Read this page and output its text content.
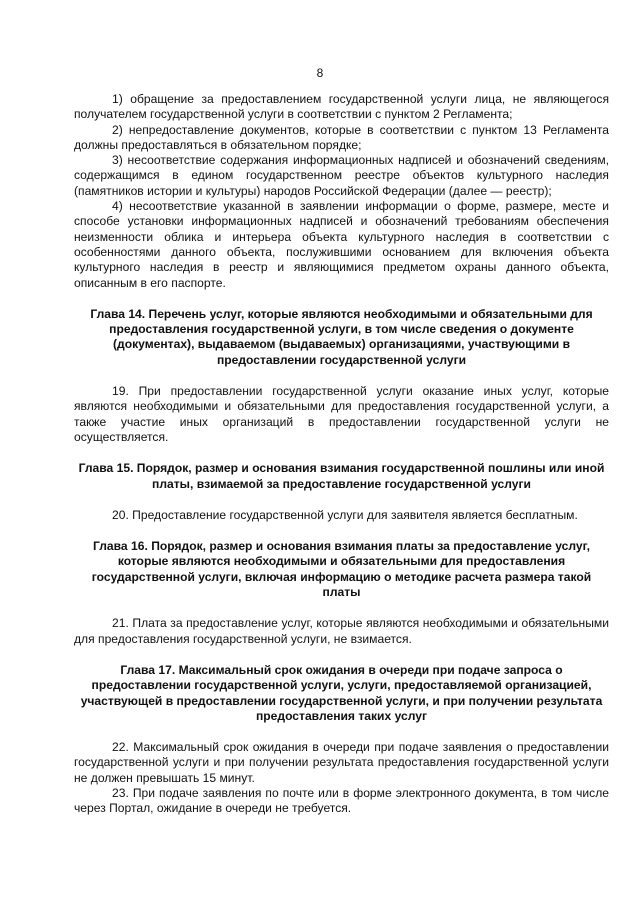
8

1) обращение за предоставлением государственной услуги лица, не являющегося получателем государственной услуги в соответствии с пунктом 2 Регламента;

2) непредоставление документов, которые в соответствии с пунктом 13 Регламента должны предоставляться в обязательном порядке;

3) несоответствие содержания информационных надписей и обозначений сведениям, содержащимся в едином государственном реестре объектов культурного наследия (памятников истории и культуры) народов Российской Федерации (далее — реестр);

4) несоответствие указанной в заявлении информации о форме, размере, месте и способе установки информационных надписей и обозначений требованиям обеспечения неизменности облика и интерьера объекта культурного наследия в соответствии с особенностями данного объекта, послужившими основанием для включения объекта культурного наследия в реестр и являющимися предметом охраны данного объекта, описанным в его паспорте.

Глава 14. Перечень услуг, которые являются необходимыми и обязательными для предоставления государственной услуги, в том числе сведения о документе (документах), выдаваемом (выдаваемых) организациями, участвующими в предоставлении государственной услуги

19. При предоставлении государственной услуги оказание иных услуг, которые являются необходимыми и обязательными для предоставления государственной услуги, а также участие иных организаций в предоставлении государственной услуги не осуществляется.

Глава 15. Порядок, размер и основания взимания государственной пошлины или иной платы, взимаемой за предоставление государственной услуги

20. Предоставление государственной услуги для заявителя является бесплатным.

Глава 16. Порядок, размер и основания взимания платы за предоставление услуг, которые являются необходимыми и обязательными для предоставления государственной услуги, включая информацию о методике расчета размера такой платы

21. Плата за предоставление услуг, которые являются необходимыми и обязательными для предоставления государственной услуги, не взимается.

Глава 17. Максимальный срок ожидания в очереди при подаче запроса о предоставлении государственной услуги, услуги, предоставляемой организацией, участвующей в предоставлении государственной услуги, и при получении результата предоставления таких услуг

22. Максимальный срок ожидания в очереди при подаче заявления о предоставлении государственной услуги и при получении результата предоставления государственной услуги не должен превышать 15 минут.

23. При подаче заявления по почте или в форме электронного документа, в том числе через Портал, ожидание в очереди не требуется.
